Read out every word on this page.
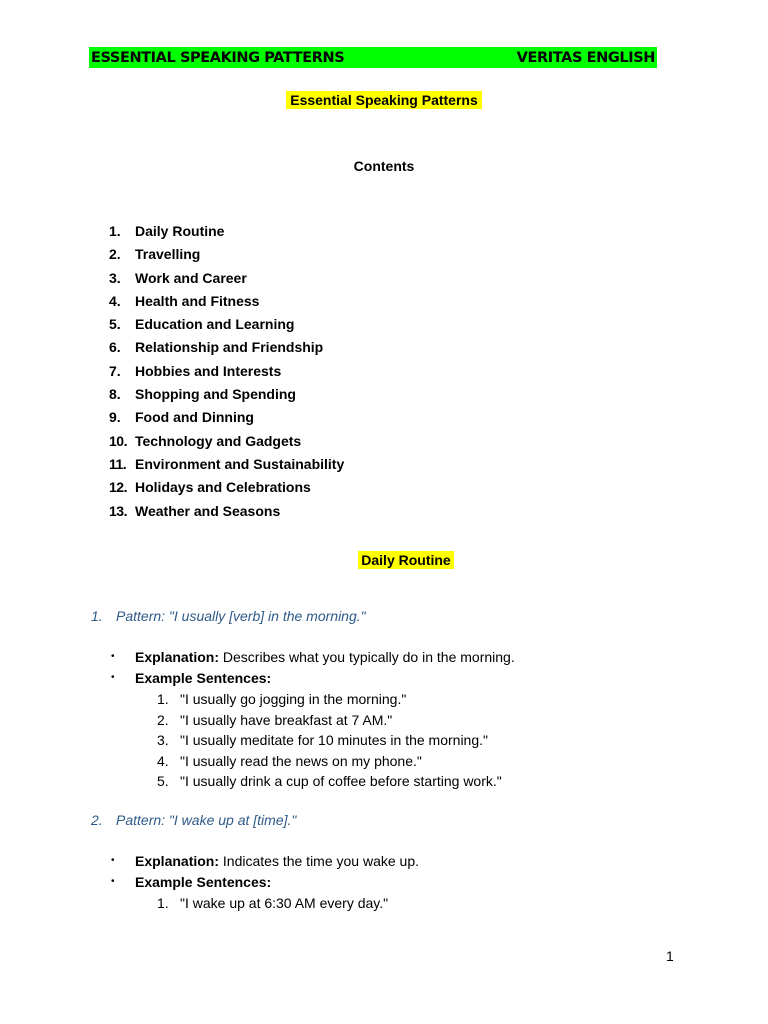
ESSENTIAL SPEAKING PATTERNS	VERITAS ENGLISH
Essential Speaking Patterns
Contents
1.	Daily Routine
2.	Travelling
3.	Work and Career
4.	Health and Fitness
5.	Education and Learning
6.	Relationship and Friendship
7.	Hobbies and Interests
8.	Shopping and Spending
9.	Food and Dinning
10. Technology and Gadgets
11. Environment and Sustainability
12. Holidays and Celebrations
13. Weather and Seasons
Daily Routine
1. Pattern: "I usually [verb] in the morning."
•	Explanation: Describes what you typically do in the morning.
•	Example Sentences:
1. "I usually go jogging in the morning."
2. "I usually have breakfast at 7 AM."
3. "I usually meditate for 10 minutes in the morning."
4. "I usually read the news on my phone."
5. "I usually drink a cup of coffee before starting work."
2. Pattern: "I wake up at [time]."
•	Explanation: Indicates the time you wake up.
•	Example Sentences:
1. "I wake up at 6:30 AM every day."
1
